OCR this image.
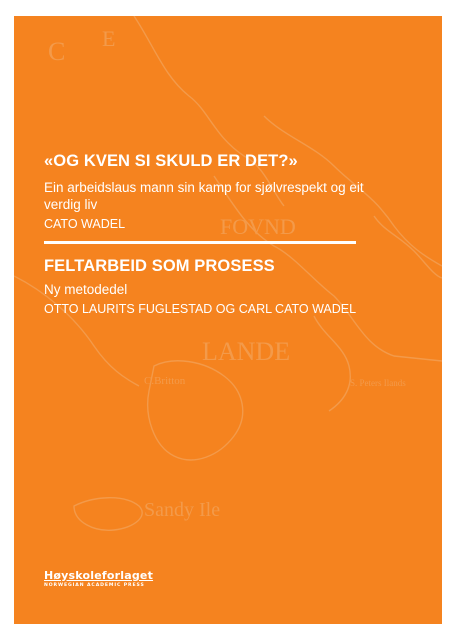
C E
FOVND
LANDE
Sandy Ile
C.Britton	S. Peters Ilands
«OG KVEN SI SKULD ER DET?»
Ein arbeidslaus mann sin kamp for sjølvrespekt og eit verdig liv
CATO WADEL
FELTARBEID SOM PROSESS
Ny metodedel
OTTO LAURITS FUGLESTAD OG CARL CATO WADEL
Høyskoleforlaget
NORWEGIAN ACADEMIC PRESS
